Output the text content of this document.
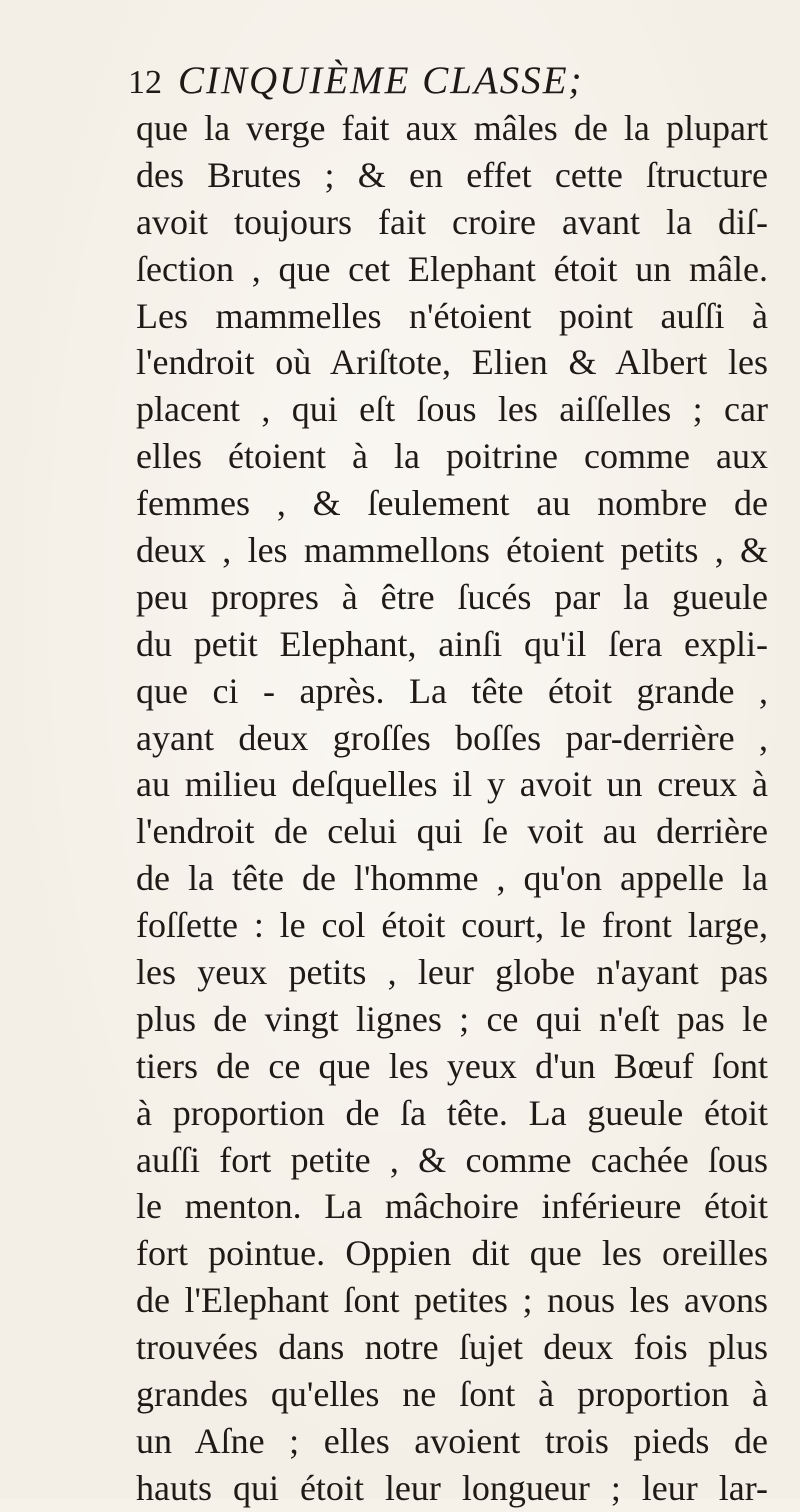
12 CINQUIÈME CLASSE;
que la verge fait aux mâles de la plupart
des Brutes ; & en effet cette ſtructure
avoit toujours fait croire avant la diſ-
ſection , que cet Elephant étoit un mâle.
Les mammelles n'étoient point auſſi à
l'endroit où Ariſtote, Elien & Albert les
placent , qui eſt ſous les aiſſelles ; car
elles étoient à la poitrine comme aux
femmes , & ſeulement au nombre de
deux , les mammellons étoient petits , &
peu propres à être ſucés par la gueule
du petit Elephant, ainſi qu'il ſera expli-
que ci - après. La tête étoit grande ,
ayant deux groſſes boſſes par-derrière ,
au milieu deſquelles il y avoit un creux à
l'endroit de celui qui ſe voit au derrière
de la tête de l'homme , qu'on appelle la
foſſette : le col étoit court, le front large,
les yeux petits , leur globe n'ayant pas
plus de vingt lignes ; ce qui n'eſt pas le
tiers de ce que les yeux d'un Bœuf ſont
à proportion de ſa tête. La gueule étoit
auſſi fort petite , & comme cachée ſous
le menton. La mâchoire inférieure étoit
fort pointue. Oppien dit que les oreilles
de l'Elephant ſont petites ; nous les avons
trouvées dans notre ſujet deux fois plus
grandes qu'elles ne ſont à proportion à
un Aſne ; elles avoient trois pieds de
hauts qui étoit leur longueur ; leur lar-
